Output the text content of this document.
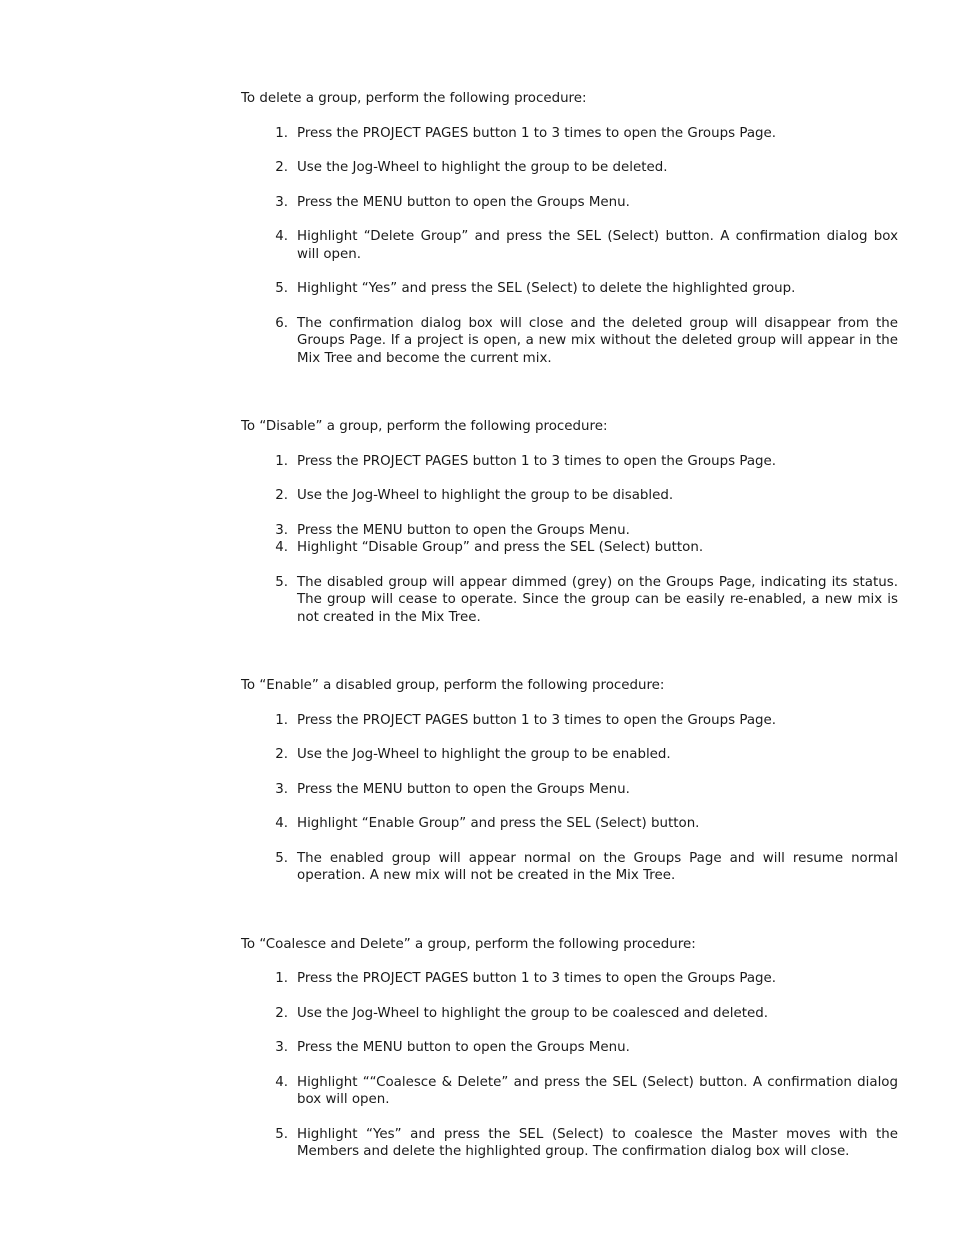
To delete a group, perform the following procedure:

1 . Press the PROJECT PAGES button 1 to 3 times to open the Groups Page.
2 . Use the Jog-Wheel to highlight the group to be deleted.
3 . Press the MENU button to open the Groups Menu.
4 . Highlight “Delete Group” and press the SEL (Select) button. A confirmation dialog box will open.
5 . Highlight “Yes” and press the SEL (Select) to delete the highlighted group.
6 . The confirmation dialog box will close and the deleted group will disappear from the Groups Page. If a project is open, a new mix without the deleted group will appear in the Mix Tree and become the current mix.

To “Disable” a group, perform the following procedure:

1 . Press the PROJECT PAGES button 1 to 3 times to open the Groups Page.
2 . Use the Jog-Wheel to highlight the group to be disabled.
3 . Press the MENU button to open the Groups Menu.
4 . Highlight “Disable Group” and press the SEL (Select) button.
5 . The disabled group will appear dimmed (grey) on the Groups Page, indicating its status. The group will cease to operate. Since the group can be easily re-enabled, a new mix is not created in the Mix Tree.

To “Enable” a disabled group, perform the following procedure:

1 . Press the PROJECT PAGES button 1 to 3 times to open the Groups Page.
2 . Use the Jog-Wheel to highlight the group to be enabled.
3 . Press the MENU button to open the Groups Menu.
4 . Highlight “Enable Group” and press the SEL (Select) button.
5 . The enabled group will appear normal on the Groups Page and will resume normal operation. A new mix will not be created in the Mix Tree.

To “Coalesce and Delete” a group, perform the following procedure:

1 . Press the PROJECT PAGES button 1 to 3 times to open the Groups Page.
2 . Use the Jog-Wheel to highlight the group to be coalesced and deleted.
3 . Press the MENU button to open the Groups Menu.
4 . Highlight ““Coalesce & Delete” and press the SEL (Select) button. A confirmation dialog box will open.
5 . Highlight “Yes” and press the SEL (Select) to coalesce the Master moves with the Members and delete the highlighted group. The confirmation dialog box will close.
